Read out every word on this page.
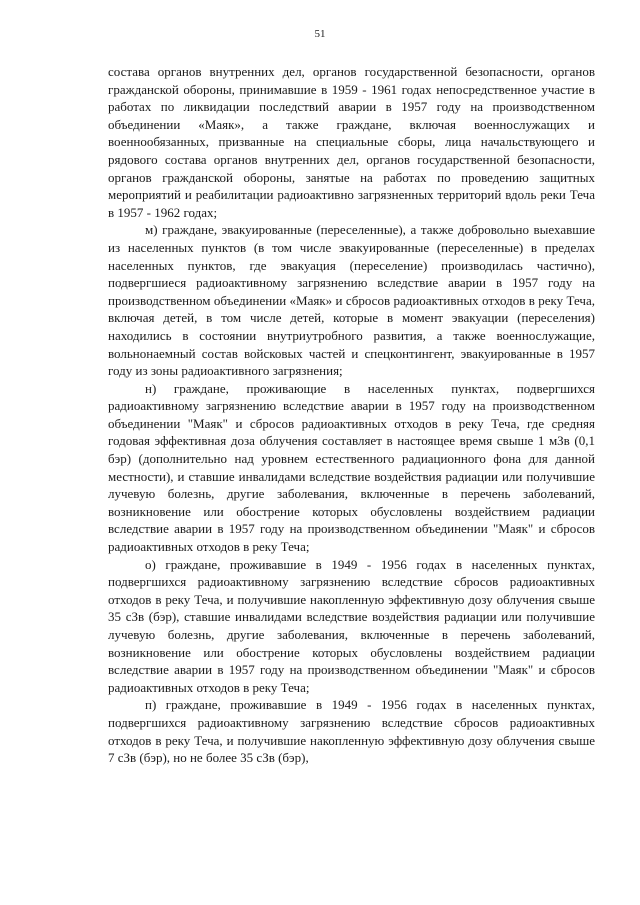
51

состава органов внутренних дел, органов государственной безопасности, органов гражданской обороны, принимавшие в 1959 - 1961 годах непосредственное участие в работах по ликвидации последствий аварии в 1957 году на производственном объединении «Маяк», а также граждане, включая военнослужащих и военнообязанных, призванные на специальные сборы, лица начальствующего и рядового состава органов внутренних дел, органов государственной безопасности, органов гражданской обороны, занятые на работах по проведению защитных мероприятий и реабилитации радиоактивно загрязненных территорий вдоль реки Теча в 1957 - 1962 годах;

м) граждане, эвакуированные (переселенные), а также добровольно выехавшие из населенных пунктов (в том числе эвакуированные (переселенные) в пределах населенных пунктов, где эвакуация (переселение) производилась частично), подвергшиеся радиоактивному загрязнению вследствие аварии в 1957 году на производственном объединении «Маяк» и сбросов радиоактивных отходов в реку Теча, включая детей, в том числе детей, которые в момент эвакуации (переселения) находились в состоянии внутриутробного развития, а также военнослужащие, вольнонаемный состав войсковых частей и спецконтингент, эвакуированные в 1957 году из зоны радиоактивного загрязнения;

н) граждане, проживающие в населенных пунктах, подвергшихся радиоактивному загрязнению вследствие аварии в 1957 году на производственном объединении "Маяк" и сбросов радиоактивных отходов в реку Теча, где средняя годовая эффективная доза облучения составляет в настоящее время свыше 1 мЗв (0,1 бэр) (дополнительно над уровнем естественного радиационного фона для данной местности), и ставшие инвалидами вследствие воздействия радиации или получившие лучевую болезнь, другие заболевания, включенные в перечень заболеваний, возникновение или обострение которых обусловлены воздействием радиации вследствие аварии в 1957 году на производственном объединении "Маяк" и сбросов радиоактивных отходов в реку Теча;

о) граждане, проживавшие в 1949 - 1956 годах в населенных пунктах, подвергшихся радиоактивному загрязнению вследствие сбросов радиоактивных отходов в реку Теча, и получившие накопленную эффективную дозу облучения свыше 35 сЗв (бэр), ставшие инвалидами вследствие воздействия радиации или получившие лучевую болезнь, другие заболевания, включенные в перечень заболеваний, возникновение или обострение которых обусловлены воздействием радиации вследствие аварии в 1957 году на производственном объединении "Маяк" и сбросов радиоактивных отходов в реку Теча;

п) граждане, проживавшие в 1949 - 1956 годах в населенных пунктах, подвергшихся радиоактивному загрязнению вследствие сбросов радиоактивных отходов в реку Теча, и получившие накопленную эффективную дозу облучения свыше 7 сЗв (бэр), но не более 35 сЗв (бэр),
